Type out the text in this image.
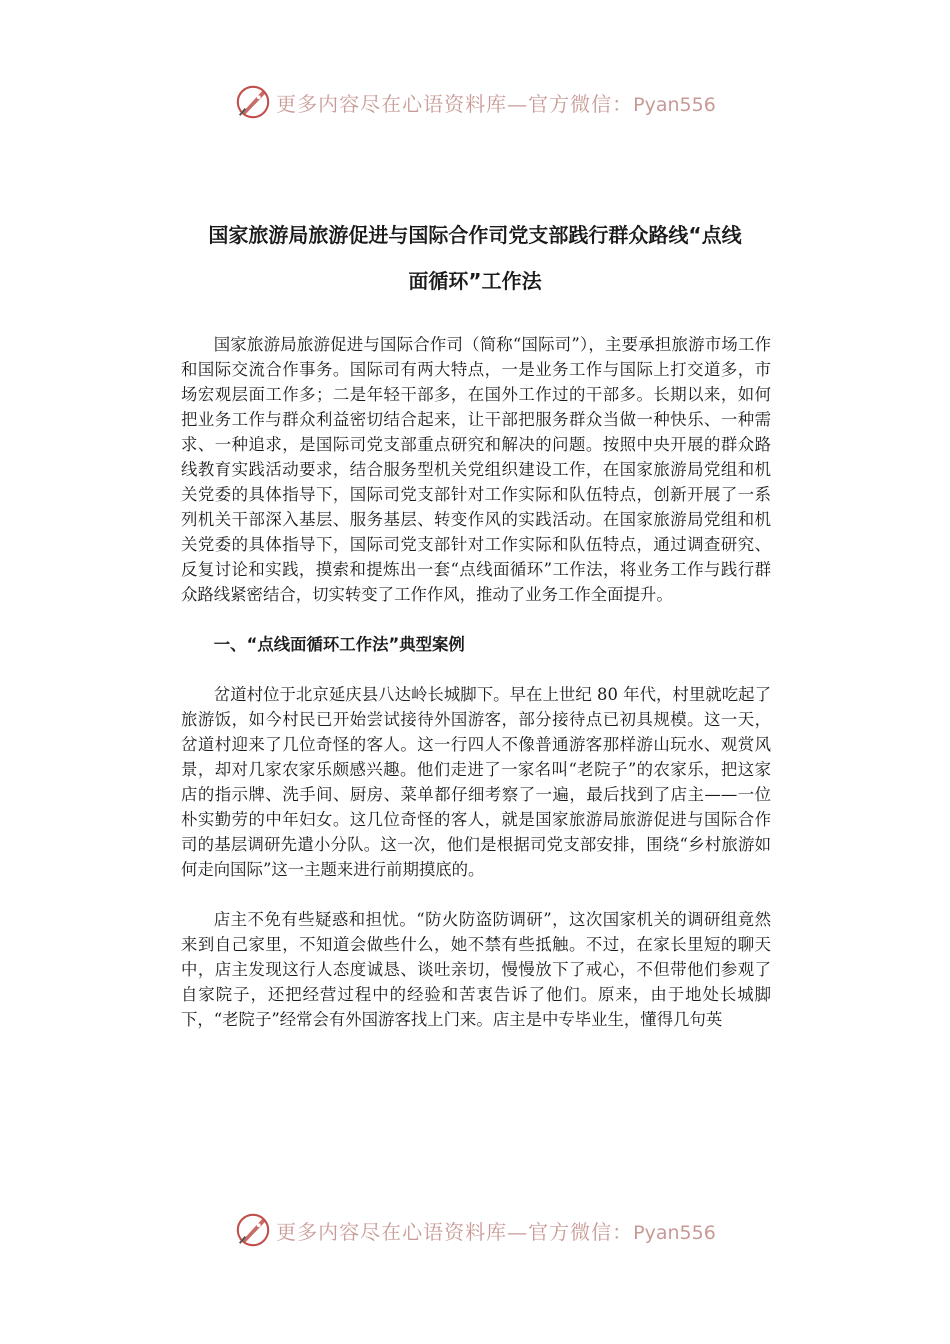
更多内容尽在心语资料库—官方微信：Pyan556
国家旅游局旅游促进与国际合作司党支部践行群众路线“点线
面循环”工作法

国家旅游局旅游促进与国际合作司（简称“国际司”），主要承担旅游市场工作和国际交流合作事务。国际司有两大特点，一是业务工作与国际上打交道多，市场宏观层面工作多；二是年轻干部多，在国外工作过的干部多。长期以来，如何把业务工作与群众利益密切结合起来，让干部把服务群众当做一种快乐、一种需求、一种追求，是国际司党支部重点研究和解决的问题。按照中央开展的群众路线教育实践活动要求，结合服务型机关党组织建设工作，在国家旅游局党组和机关党委的具体指导下，国际司党支部针对工作实际和队伍特点，创新开展了一系列机关干部深入基层、服务基层、转变作风的实践活动。在国家旅游局党组和机关党委的具体指导下，国际司党支部针对工作实际和队伍特点，通过调查研究、反复讨论和实践，摸索和提炼出一套“点线面循环”工作法，将业务工作与践行群众路线紧密结合，切实转变了工作作风，推动了业务工作全面提升。

一、“点线面循环工作法”典型案例

岔道村位于北京延庆县八达岭长城脚下。早在上世纪 80 年代，村里就吃起了旅游饭，如今村民已开始尝试接待外国游客，部分接待点已初具规模。这一天，岔道村迎来了几位奇怪的客人。这一行四人不像普通游客那样游山玩水、观赏风景，却对几家农家乐颇感兴趣。他们走进了一家名叫“老院子”的农家乐，把这家店的指示牌、洗手间、厨房、菜单都仔细考察了一遍，最后找到了店主——一位朴实勤劳的中年妇女。这几位奇怪的客人，就是国家旅游局旅游促进与国际合作司的基层调研先遣小分队。这一次，他们是根据司党支部安排，围绕“乡村旅游如何走向国际”这一主题来进行前期摸底的。

店主不免有些疑惑和担忧。“防火防盗防调研”，这次国家机关的调研组竟然来到自己家里，不知道会做些什么，她不禁有些抵触。不过，在家长里短的聊天中，店主发现这行人态度诚恳、谈吐亲切，慢慢放下了戒心，不但带他们参观了自家院子，还把经营过程中的经验和苦衷告诉了他们。原来，由于地处长城脚下，“老院子”经常会有外国游客找上门来。店主是中专毕业生，懂得几句英

更多内容尽在心语资料库—官方微信：Pyan556
